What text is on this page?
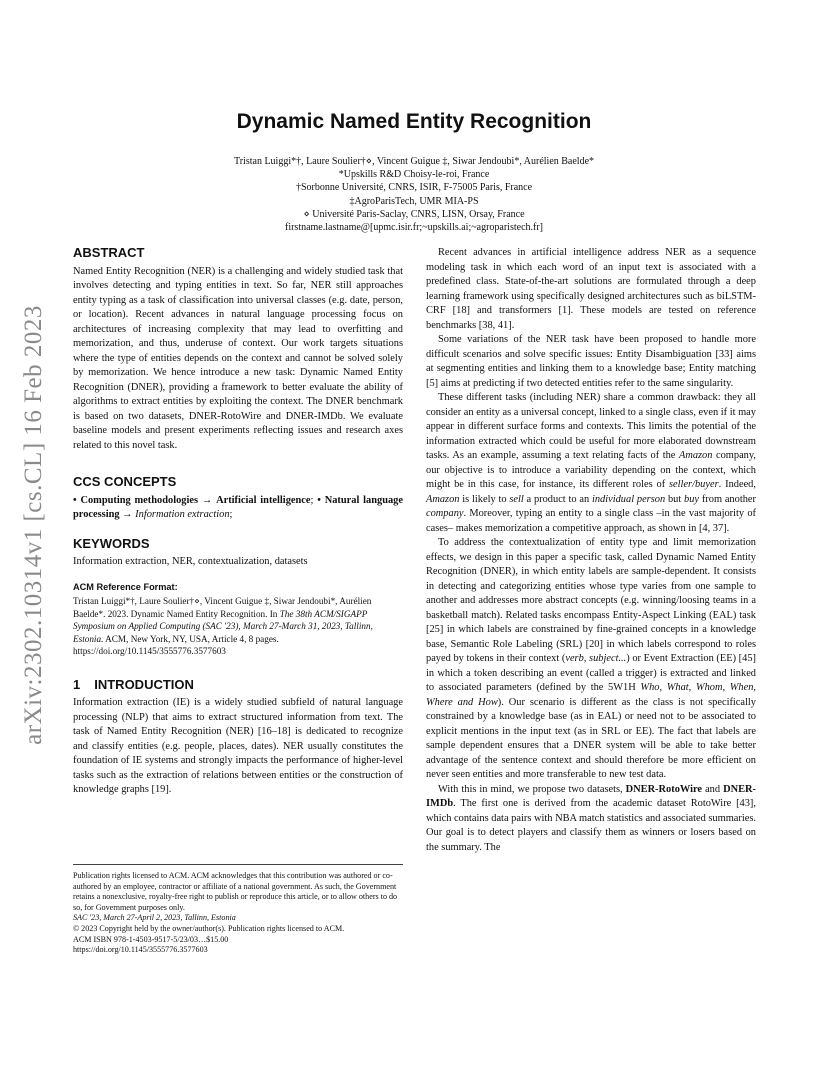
arXiv:2302.10314v1 [cs.CL] 16 Feb 2023
Dynamic Named Entity Recognition
Tristan Luiggi*†, Laure Soulier†⋄, Vincent Guigue ‡, Siwar Jendoubi*, Aurélien Baelde*
*Upskills R&D Choisy-le-roi, France
†Sorbonne Université, CNRS, ISIR, F-75005 Paris, France
‡AgroParisTech, UMR MIA-PS
⋄ Université Paris-Saclay, CNRS, LISN, Orsay, France
firstname.lastname@[upmc.isir.fr;~upskills.ai;~agroparistech.fr]
ABSTRACT

Named Entity Recognition (NER) is a challenging and widely studied task that involves detecting and typing entities in text. So far, NER still approaches entity typing as a task of classification into universal classes (e.g. date, person, or location). Recent advances in natural language processing focus on architectures of increasing complexity that may lead to overfitting and memorization, and thus, underuse of context. Our work targets situations where the type of entities depends on the context and cannot be solved solely by memorization. We hence introduce a new task: Dynamic Named Entity Recognition (DNER), providing a framework to better evaluate the ability of algorithms to extract entities by exploiting the context. The DNER benchmark is based on two datasets, DNER-RotoWire and DNER-IMDb. We evaluate baseline models and present experiments reflecting issues and research axes related to this novel task.

CCS CONCEPTS

• Computing methodologies → Artificial intelligence; • Natural language processing → Information extraction;

KEYWORDS

Information extraction, NER, contextualization, datasets

ACM Reference Format:

Tristan Luiggi*†, Laure Soulier†⋄, Vincent Guigue ‡, Siwar Jendoubi*, Aurélien Baelde*. 2023. Dynamic Named Entity Recognition. In The 38th ACM/SIGAPP Symposium on Applied Computing (SAC '23), March 27-March 31, 2023, Tallinn, Estonia. ACM, New York, NY, USA, Article 4, 8 pages. https://doi.org/10.1145/3555776.3577603

1 INTRODUCTION

Information extraction (IE) is a widely studied subfield of natural language processing (NLP) that aims to extract structured information from text. The task of Named Entity Recognition (NER) [16–18] is dedicated to recognize and classify entities (e.g. people, places, dates). NER usually constitutes the foundation of IE systems and strongly impacts the performance of higher-level tasks such as the extraction of relations between entities or the construction of knowledge graphs [19].

Publication rights licensed to ACM. ACM acknowledges that this contribution was authored or co-authored by an employee, contractor or affiliate of a national government. As such, the Government retains a nonexclusive, royalty-free right to publish or reproduce this article, or to allow others to do so, for Government purposes only.

SAC '23, March 27-April 2, 2023, Tallinn, Estonia

© 2023 Copyright held by the owner/author(s). Publication rights licensed to ACM.

ACM ISBN 978-1-4503-9517-5/23/03…$15.00

https://doi.org/10.1145/3555776.3577603

Recent advances in artificial intelligence address NER as a sequence modeling task in which each word of an input text is associated with a predefined class. State-of-the-art solutions are formulated through a deep learning framework using specifically designed architectures such as biLSTM-CRF [18] and transformers [1]. These models are tested on reference benchmarks [38, 41].

Some variations of the NER task have been proposed to handle more difficult scenarios and solve specific issues: Entity Disambiguation [33] aims at segmenting entities and linking them to a knowledge base; Entity matching [5] aims at predicting if two detected entities refer to the same singularity.

These different tasks (including NER) share a common drawback: they all consider an entity as a universal concept, linked to a single class, even if it may appear in different surface forms and contexts. This limits the potential of the information extracted which could be useful for more elaborated downstream tasks. As an example, assuming a text relating facts of the Amazon company, our objective is to introduce a variability depending on the context, which might be in this case, for instance, its different roles of seller/buyer. Indeed, Amazon is likely to sell a product to an individual person but buy from another company. Moreover, typing an entity to a single class –in the vast majority of cases– makes memorization a competitive approach, as shown in [4, 37].

To address the contextualization of entity type and limit memorization effects, we design in this paper a specific task, called Dynamic Named Entity Recognition (DNER), in which entity labels are sample-dependent. It consists in detecting and categorizing entities whose type varies from one sample to another and addresses more abstract concepts (e.g. winning/loosing teams in a basketball match). Related tasks encompass Entity-Aspect Linking (EAL) task [25] in which labels are constrained by fine-grained concepts in a knowledge base, Semantic Role Labeling (SRL) [20] in which labels correspond to roles payed by tokens in their context (verb, subject...) or Event Extraction (EE) [45] in which a token describing an event (called a trigger) is extracted and linked to associated parameters (defined by the 5W1H Who, What, Whom, When, Where and How). Our scenario is different as the class is not specifically constrained by a knowledge base (as in EAL) or need not to be associated to explicit mentions in the input text (as in SRL or EE). The fact that labels are sample dependent ensures that a DNER system will be able to take better advantage of the sentence context and should therefore be more efficient on never seen entities and more transferable to new test data.

With this in mind, we propose two datasets, DNER-RotoWire and DNER-IMDb. The first one is derived from the academic dataset RotoWire [43], which contains data pairs with NBA match statistics and associated summaries. Our goal is to detect players and classify them as winners or losers based on the summary. The
